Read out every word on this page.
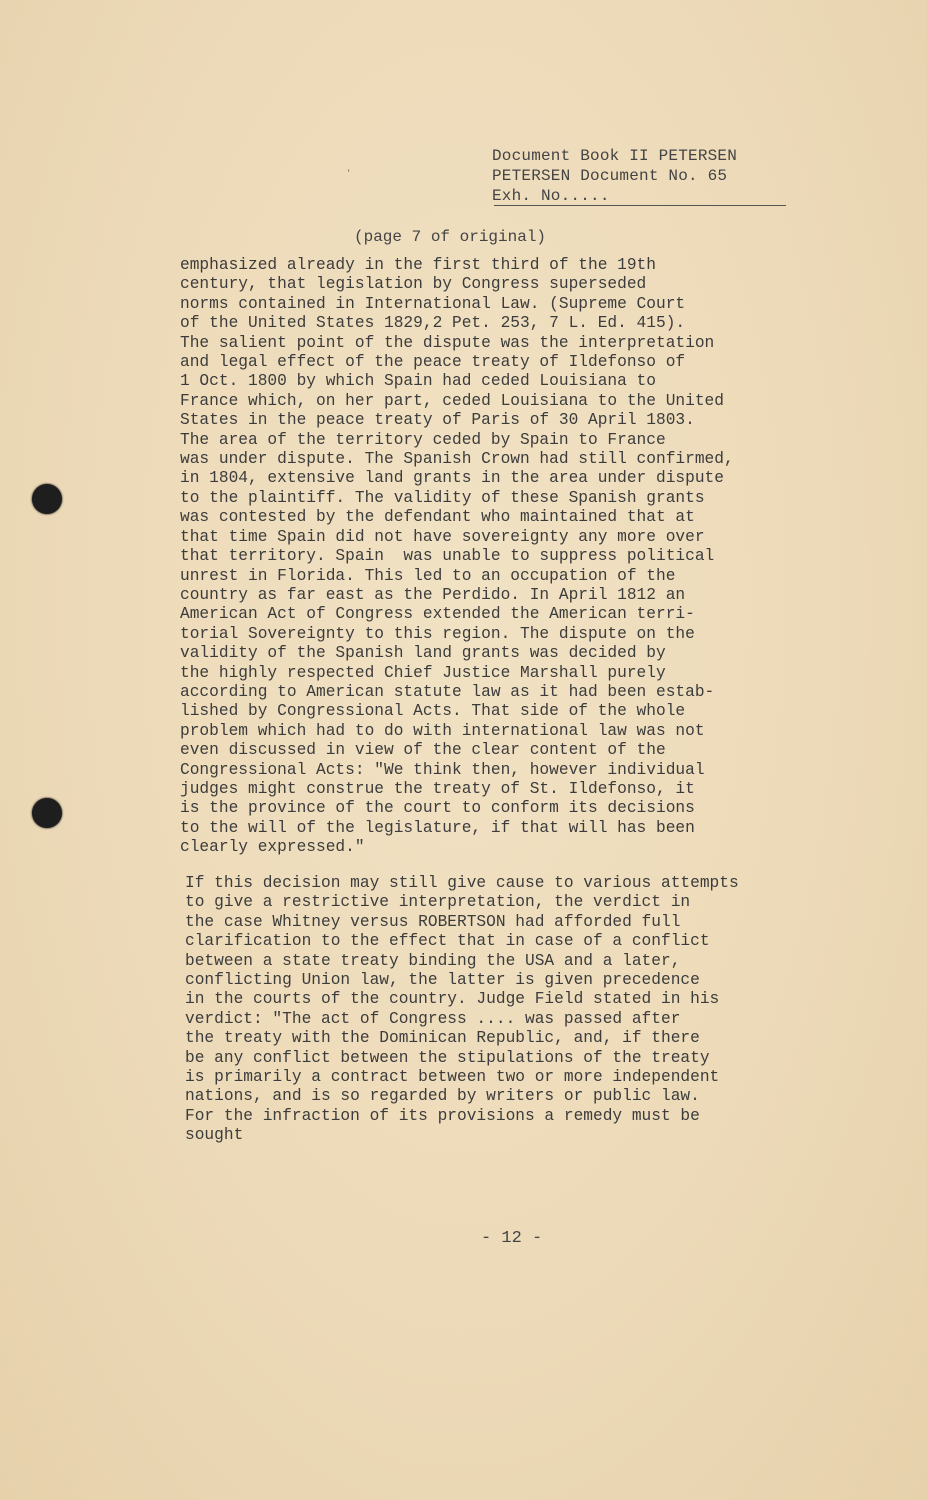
ʼ
Document Book II PETERSEN
PETERSEN Document No. 65
Exh. No.....
(page 7 of original)
emphasized already in the first third of the 19th
century, that legislation by Congress superseded
norms contained in International Law. (Supreme Court
of the United States 1829,2 Pet. 253, 7 L. Ed. 415).
The salient point of the dispute was the interpretation
and legal effect of the peace treaty of Ildefonso of
1 Oct. 1800 by which Spain had ceded Louisiana to
France which, on her part, ceded Louisiana to the United
States in the peace treaty of Paris of 30 April 1803.
The area of the territory ceded by Spain to France
was under dispute. The Spanish Crown had still confirmed,
in 1804, extensive land grants in the area under dispute
to the plaintiff. The validity of these Spanish grants
was contested by the defendant who maintained that at
that time Spain did not have sovereignty any more over
that territory. Spain  was unable to suppress political
unrest in Florida. This led to an occupation of the
country as far east as the Perdido. In April 1812 an
American Act of Congress extended the American terri-
torial Sovereignty to this region. The dispute on the
validity of the Spanish land grants was decided by
the highly respected Chief Justice Marshall purely
according to American statute law as it had been estab-
lished by Congressional Acts. That side of the whole
problem which had to do with international law was not
even discussed in view of the clear content of the
Congressional Acts: "We think then, however individual
judges might construe the treaty of St. Ildefonso, it
is the province of the court to conform its decisions
to the will of the legislature, if that will has been
clearly expressed."
If this decision may still give cause to various attempts
to give a restrictive interpretation, the verdict in
the case Whitney versus ROBERTSON had afforded full
clarification to the effect that in case of a conflict
between a state treaty binding the USA and a later,
conflicting Union law, the latter is given precedence
in the courts of the country. Judge Field stated in his
verdict: "The act of Congress .... was passed after
the treaty with the Dominican Republic, and, if there
be any conflict between the stipulations of the treaty
is primarily a contract between two or more independent
nations, and is so regarded by writers or public law.
For the infraction of its provisions a remedy must be
sought
- 12 -
